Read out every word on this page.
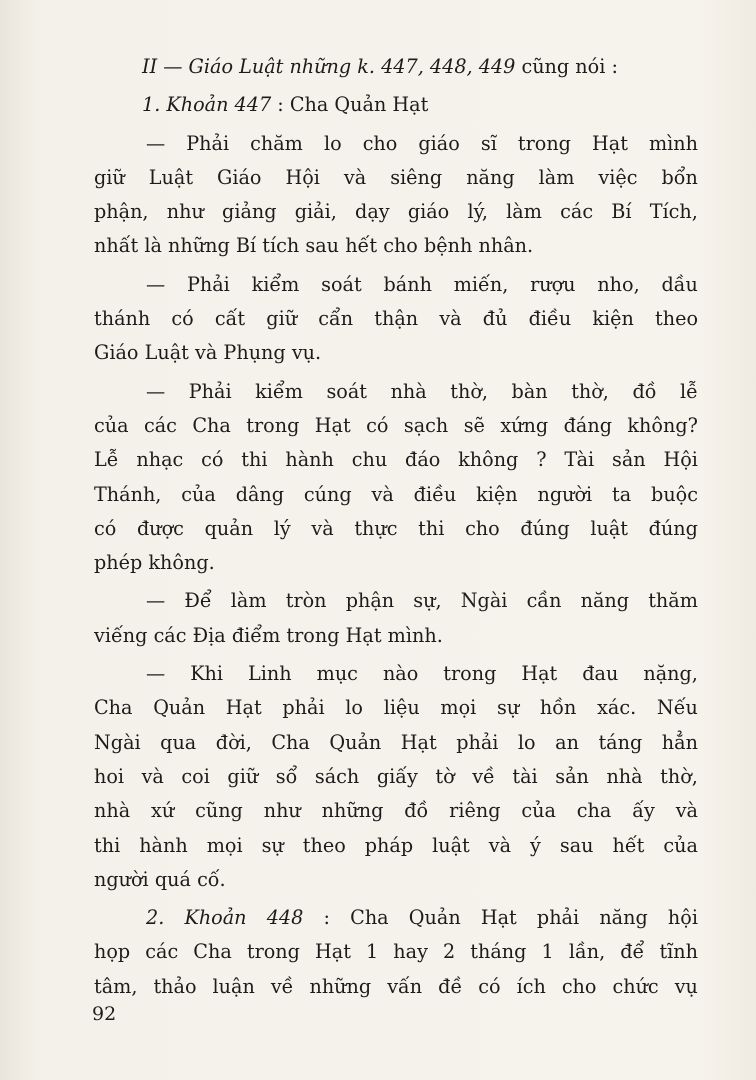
II — Giáo Luật những k. 447, 448, 449 cũng nói :
1. Khoản 447 : Cha Quản Hạt
— Phải chăm lo cho giáo sĩ trong Hạt mình
giữ Luật Giáo Hội và siêng năng làm việc bổn
phận, như giảng giải, dạy giáo lý, làm các Bí Tích,
nhất là những Bí tích sau hết cho bệnh nhân.
— Phải kiểm soát bánh miến, rượu nho, dầu
thánh có cất giữ cẩn thận và đủ điều kiện theo
Giáo Luật và Phụng vụ.
— Phải kiểm soát nhà thờ, bàn thờ, đồ lễ
của các Cha trong Hạt có sạch sẽ xứng đáng không?
Lễ nhạc có thi hành chu đáo không ? Tài sản Hội
Thánh, của dâng cúng và điều kiện người ta buộc
có được quản lý và thực thi cho đúng luật đúng
phép không.
— Để làm tròn phận sự, Ngài cần năng thăm
viếng các Địa điểm trong Hạt mình.
— Khi Linh mục nào trong Hạt đau nặng,
Cha Quản Hạt phải lo liệu mọi sự hồn xác. Nếu
Ngài qua đời, Cha Quản Hạt phải lo an táng hẳn
hoi và coi giữ sổ sách giấy tờ về tài sản nhà thờ,
nhà xứ cũng như những đồ riêng của cha ấy và
thi hành mọi sự theo pháp luật và ý sau hết của
người quá cố.
2. Khoản 448 : Cha Quản Hạt phải năng hội
họp các Cha trong Hạt 1 hay 2 tháng 1 lần, để tĩnh
tâm, thảo luận về những vấn đề có ích cho chức vụ
92
